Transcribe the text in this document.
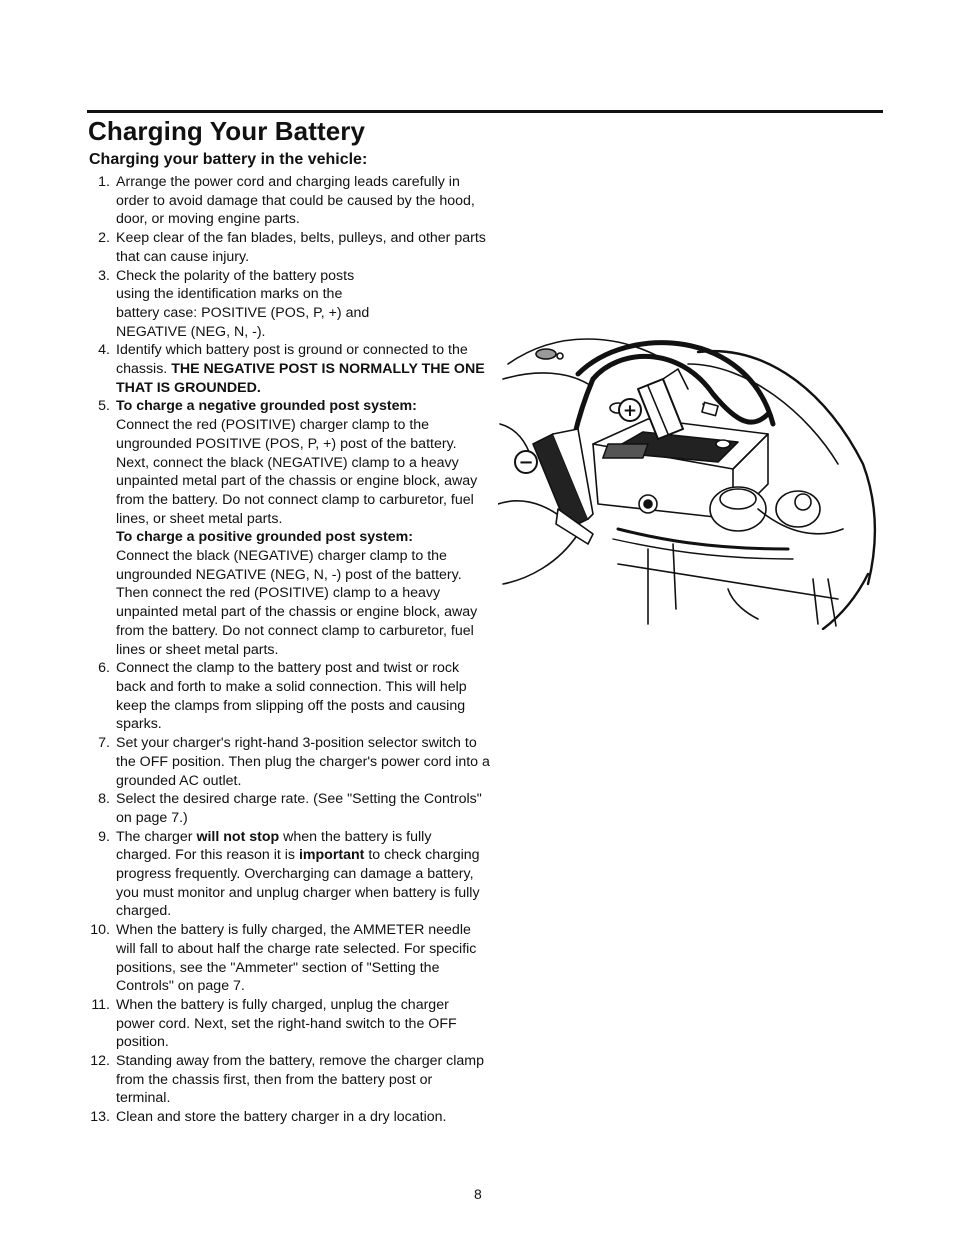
Charging Your Battery
Charging your battery in the vehicle:
1. Arrange the power cord and charging leads carefully in order to avoid damage that could be caused by the hood, door, or moving engine parts.
2. Keep clear of the fan blades, belts, pulleys, and other parts that can cause injury.
3. Check the polarity of the battery posts using the identification marks on the battery case: POSITIVE (POS, P, +) and NEGATIVE (NEG, N, -).
4. Identify which battery post is ground or connected to the chassis. THE NEGATIVE POST IS NORMALLY THE ONE THAT IS GROUNDED.
5. To charge a negative grounded post system:
Connect the red (POSITIVE) charger clamp to the ungrounded POSITIVE (POS, P, +) post of the battery. Next, connect the black (NEGATIVE) clamp to a heavy unpainted metal part of the chassis or engine block, away from the battery. Do not connect clamp to carburetor, fuel lines, or sheet metal parts.
To charge a positive grounded post system:
Connect the black (NEGATIVE) charger clamp to the ungrounded NEGATIVE (NEG, N, -) post of the battery. Then connect the red (POSITIVE) clamp to a heavy unpainted metal part of the chassis or engine block, away from the battery. Do not connect clamp to carburetor, fuel lines or sheet metal parts.
6. Connect the clamp to the battery post and twist or rock back and forth to make a solid connection. This will help keep the clamps from slipping off the posts and causing sparks.
7. Set your charger's right-hand 3-position selector switch to the OFF position. Then plug the charger's power cord into a grounded AC outlet.
8. Select the desired charge rate. (See "Setting the Controls" on page 7.)
9. The charger will not stop when the battery is fully charged. For this reason it is important to check charging progress frequently. Overcharging can damage a battery, you must monitor and unplug charger when battery is fully charged.
10. When the battery is fully charged, the AMMETER needle will fall to about half the charge rate selected. For specific positions, see the "Ammeter" section of "Setting the Controls" on page 7.
11. When the battery is fully charged, unplug the charger power cord. Next, set the right-hand switch to the OFF position.
12. Standing away from the battery, remove the charger clamp from the chassis first, then from the battery post or terminal.
13. Clean and store the battery charger in a dry location.
+
−
8
